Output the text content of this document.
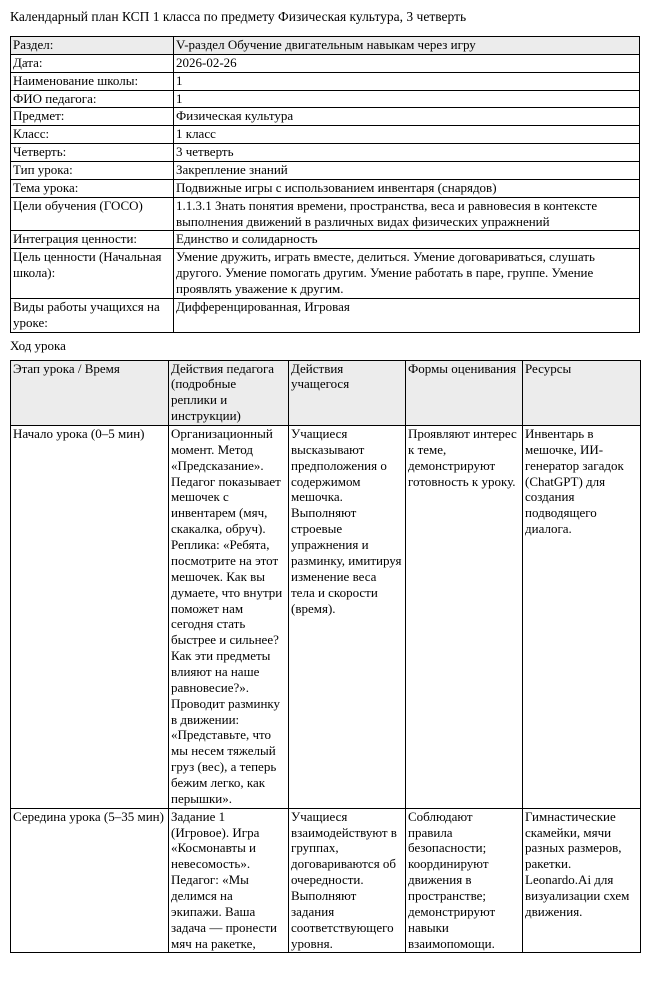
Календарный план КСП 1 класса по предмету Физическая культура, 3 четверть

Раздел:	V-раздел Обучение двигательным навыкам через игру
Дата:	2026-02-26
Наименование школы:	1
ФИО педагога:	1
Предмет:	Физическая культура
Класс:	1 класс
Четверть:	3 четверть
Тип урока:	Закрепление знаний
Тема урока:	Подвижные игры с использованием инвентаря (снарядов)
Цели обучения (ГОСО)	1.1.3.1 Знать понятия времени, пространства, веса и равновесия в контексте выполнения движений в различных видах физических упражнений
Интеграция ценности:	Единство и солидарность
Цель ценности (Начальная школа):	Умение дружить, играть вместе, делиться. Умение договариваться, слушать другого. Умение помогать другим. Умение работать в паре, группе. Умение проявлять уважение к другим.
Виды работы учащихся на уроке:	Дифференцированная, Игровая

Ход урока

Этап урока / Время	Действия педагога (подробные реплики и инструкции)	Действия учащегося	Формы оценивания	Ресурсы
Начало урока (0–5 мин)	Организационный момент. Метод «Предсказание». Педагог показывает мешочек с инвентарем (мяч, скакалка, обруч). Реплика: «Ребята, посмотрите на этот мешочек. Как вы думаете, что внутри поможет нам сегодня стать быстрее и сильнее? Как эти предметы влияют на наше равновесие?». Проводит разминку в движении: «Представьте, что мы несем тяжелый груз (вес), а теперь бежим легко, как перышки».	Учащиеся высказывают предположения о содержимом мешочка. Выполняют строевые упражнения и разминку, имитируя изменение веса тела и скорости (время).	Проявляют интерес к теме, демонстрируют готовность к уроку.	Инвентарь в мешочке, ИИ-генератор загадок (ChatGPT) для создания подводящего диалога.
Середина урока (5–35 мин)	Задание 1 (Игровое). Игра «Космонавты и невесомость». Педагог: «Мы делимся на экипажи. Ваша задача — пронести мяч на ракетке,	Учащиеся взаимодействуют в группах, договариваются об очередности. Выполняют задания соответствующего уровня.	Соблюдают правила безопасности; координируют движения в пространстве; демонстрируют навыки взаимопомощи.	Гимнастические скамейки, мячи разных размеров, ракетки. Leonardo.Ai для визуализации схем движения.
